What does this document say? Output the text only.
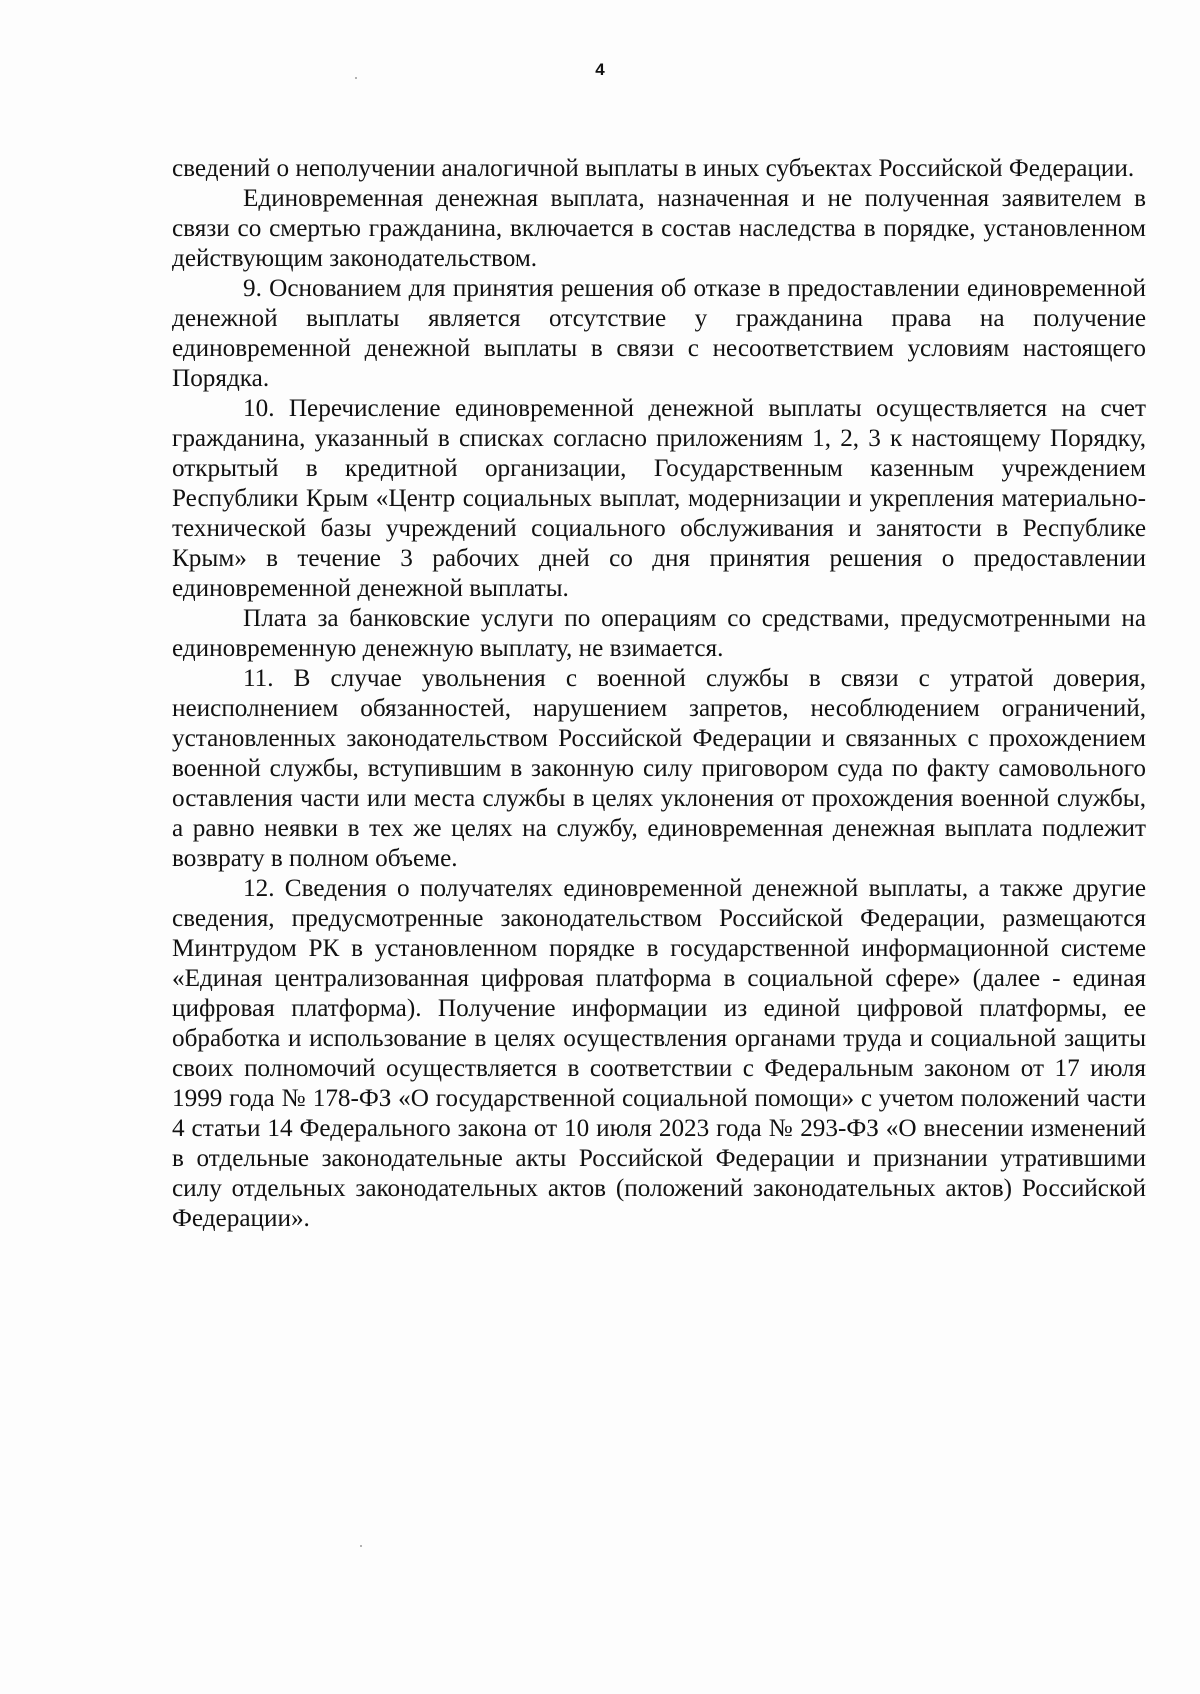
4

сведений о неполучении аналогичной выплаты в иных субъектах Российской Федерации.

Единовременная денежная выплата, назначенная и не полученная заявителем в связи со смертью гражданина, включается в состав наследства в порядке, установленном действующим законодательством.

9. Основанием для принятия решения об отказе в предоставлении единовременной денежной выплаты является отсутствие у гражданина права на получение единовременной денежной выплаты в связи с несоответствием условиям настоящего Порядка.

10. Перечисление единовременной денежной выплаты осуществляется на счет гражданина, указанный в списках согласно приложениям 1, 2, 3 к настоящему Порядку, открытый в кредитной организации, Государственным казенным учреждением Республики Крым «Центр социальных выплат, модернизации и укрепления материально-технической базы учреждений социального обслуживания и занятости в Республике Крым» в течение 3 рабочих дней со дня принятия решения о предоставлении единовременной денежной выплаты.

Плата за банковские услуги по операциям со средствами, предусмотренными на единовременную денежную выплату, не взимается.

11. В случае увольнения с военной службы в связи с утратой доверия, неисполнением обязанностей, нарушением запретов, несоблюдением ограничений, установленных законодательством Российской Федерации и связанных с прохождением военной службы, вступившим в законную силу приговором суда по факту самовольного оставления части или места службы в целях уклонения от прохождения военной службы, а равно неявки в тех же целях на службу, единовременная денежная выплата подлежит возврату в полном объеме.

12. Сведения о получателях единовременной денежной выплаты, а также другие сведения, предусмотренные законодательством Российской Федерации, размещаются Минтрудом РК в установленном порядке в государственной информационной системе «Единая централизованная цифровая платформа в социальной сфере» (далее - единая цифровая платформа). Получение информации из единой цифровой платформы, ее обработка и использование в целях осуществления органами труда и социальной защиты своих полномочий осуществляется в соответствии с Федеральным законом от 17 июля 1999 года № 178-ФЗ «О государственной социальной помощи» с учетом положений части 4 статьи 14 Федерального закона от 10 июля 2023 года № 293-ФЗ «О внесении изменений в отдельные законодательные акты Российской Федерации и признании утратившими силу отдельных законодательных актов (положений законодательных актов) Российской Федерации».
